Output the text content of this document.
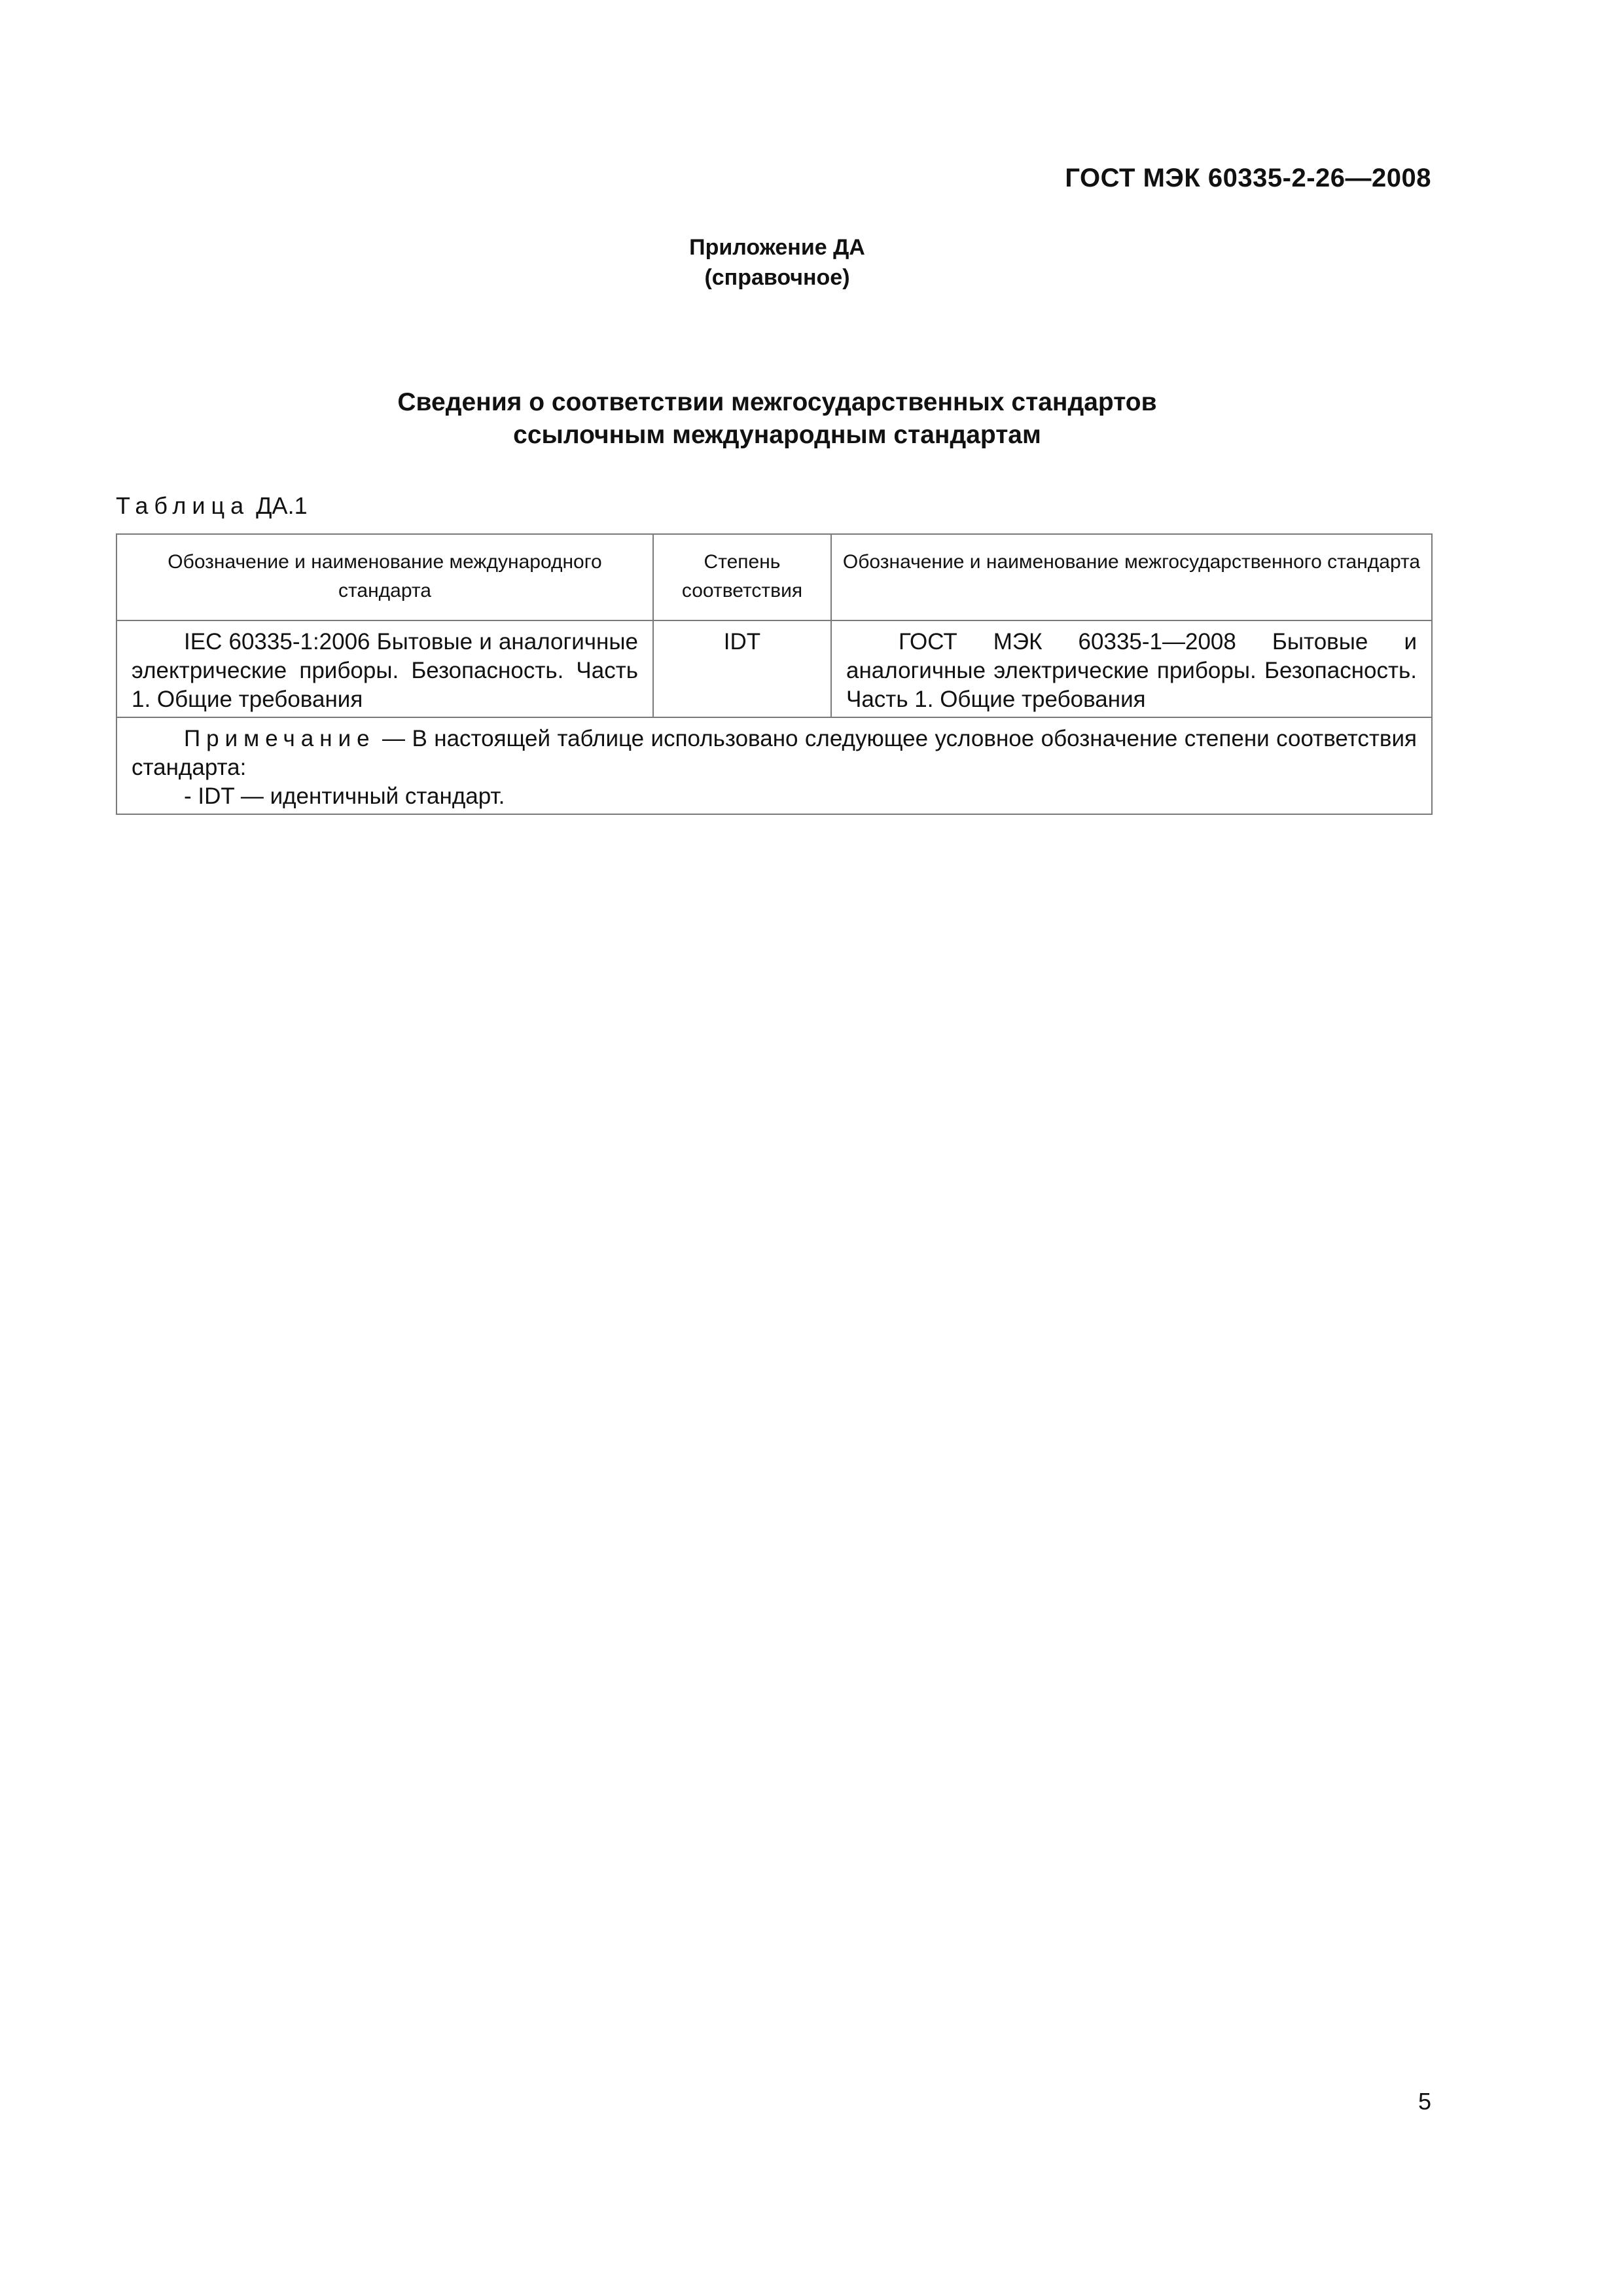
ГОСТ МЭК 60335-2-26—2008
Приложение ДА
(справочное)
Сведения о соответствии межгосударственных стандартов
ссылочным международным стандартам
Таблица ДА.1
Обозначение и наименование международного стандарта	Степень соответствия	Обозначение и наименование межгосударственного стандарта
IEC 60335-1:2006 Бытовые и аналогичные электрические приборы. Безопасность. Часть 1. Общие требования	IDT	ГОСТ МЭК 60335-1—2008 Бытовые и аналогичные электрические приборы. Безопасность. Часть 1. Общие требования

Примечание — В настоящей таблице использовано следующее условное обозначение степени соответствия стандарта:
- IDT — идентичный стандарт.		
5
